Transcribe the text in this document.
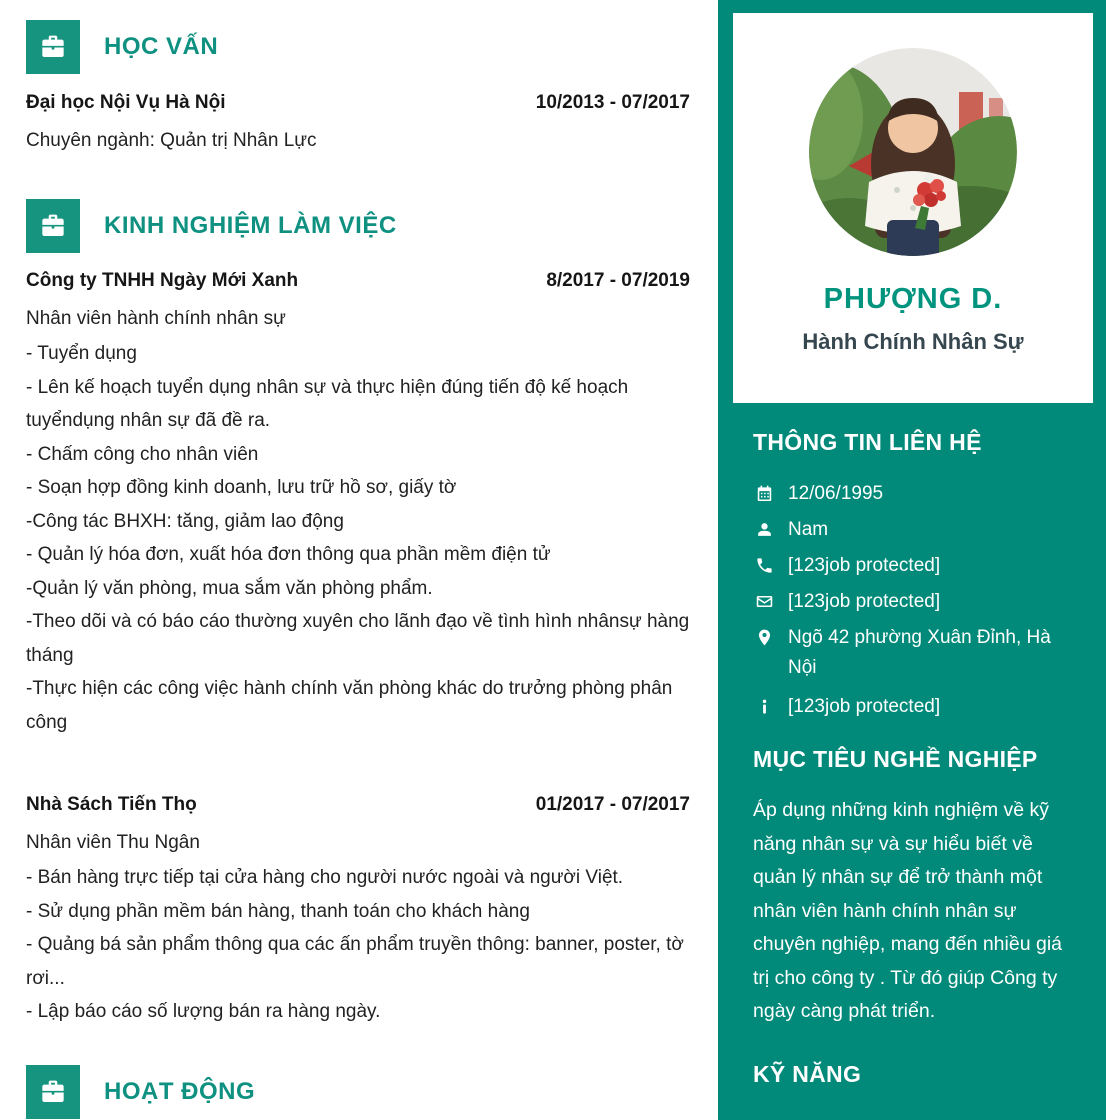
HỌC VẤN
Đại học Nội Vụ Hà Nội	10/2013 - 07/2017
Chuyên ngành: Quản trị Nhân Lực
KINH NGHIỆM LÀM VIỆC
Công ty TNHH Ngày Mới Xanh	8/2017 - 07/2019
Nhân viên hành chính nhân sự
- Tuyển dụng
- Lên kế hoạch tuyển dụng nhân sự và thực hiện đúng tiến độ kế hoạch tuyểndụng nhân sự đã đề ra.
- Chấm công cho nhân viên
- Soạn hợp đồng kinh doanh, lưu trữ hồ sơ, giấy tờ
-Công tác BHXH: tăng, giảm lao động
- Quản lý hóa đơn, xuất hóa đơn thông qua phần mềm điện tử
-Quản lý văn phòng, mua sắm văn phòng phẩm.
-Theo dõi và có báo cáo thường xuyên cho lãnh đạo về tình hình nhânsự hàng tháng
-Thực hiện các công việc hành chính văn phòng khác do trưởng phòng phân công
Nhà Sách Tiến Thọ	01/2017 - 07/2017
Nhân viên Thu Ngân
- Bán hàng trực tiếp tại cửa hàng cho người nước ngoài và người Việt.
- Sử dụng phần mềm bán hàng, thanh toán cho khách hàng
- Quảng bá sản phẩm thông qua các ấn phẩm truyền thông: banner, poster, tờ rơi...
- Lập báo cáo số lượng bán ra hàng ngày.
HOẠT ĐỘNG
PHƯỢNG D.
Hành Chính Nhân Sự
THÔNG TIN LIÊN HỆ
12/06/1995
Nam
[123job protected]
[123job protected]
Ngõ 42 phường Xuân Đỉnh, Hà Nội
[123job protected]
MỤC TIÊU NGHỀ NGHIỆP
Áp dụng những kinh nghiệm về kỹ năng nhân sự và sự hiểu biết về quản lý nhân sự để trở thành một nhân viên hành chính nhân sự chuyên nghiệp, mang đến nhiều giá trị cho công ty . Từ đó giúp Công ty ngày càng phát triển.
KỸ NĂNG
